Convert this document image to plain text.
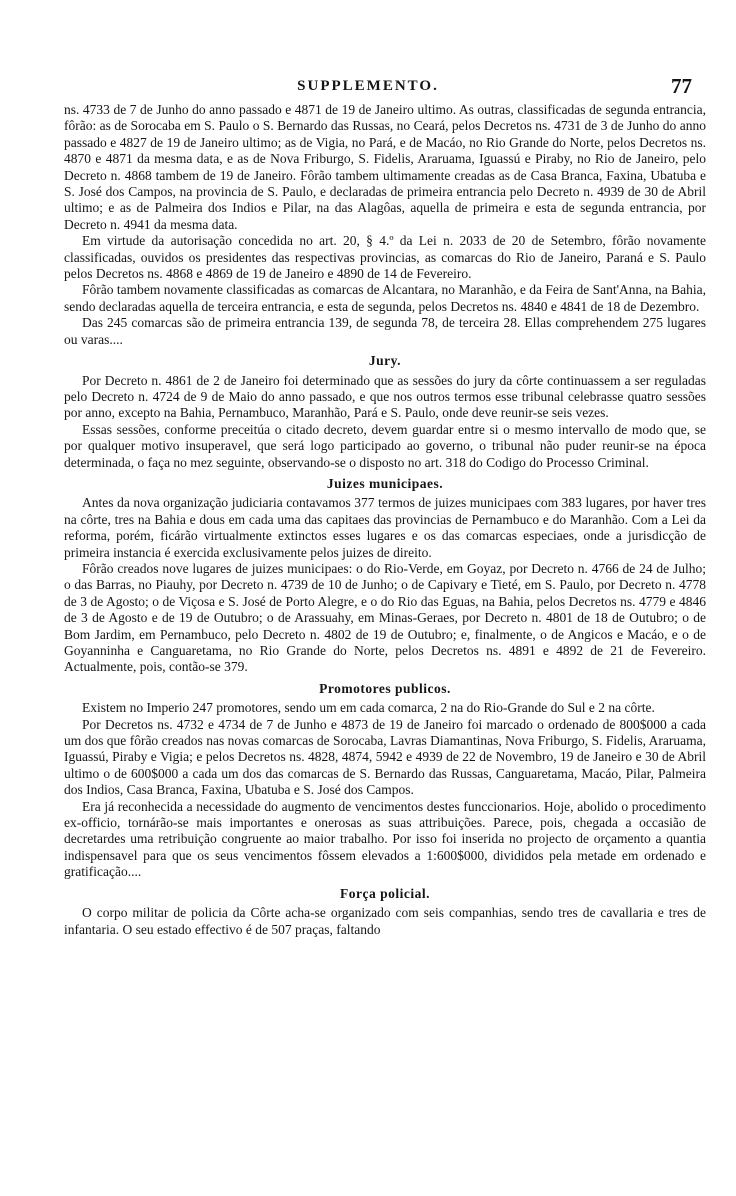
SUPPLEMENTO.	77

ns. 4733 de 7 de Junho do anno passado e 4871 de 19 de Janeiro ultimo. As outras, classificadas de segunda entrancia, fôrão: as de Sorocaba em S. Paulo o S. Bernardo das Russas, no Ceará, pelos Decretos ns. 4731 de 3 de Junho do anno passado e 4827 de 19 de Janeiro ultimo; as de Vigia, no Pará, e de Macáo, no Rio Grande do Norte, pelos Decretos ns. 4870 e 4871 da mesma data, e as de Nova Friburgo, S. Fidelis, Araruama, Iguassú e Piraby, no Rio de Janeiro, pelo Decreto n. 4868 tambem de 19 de Janeiro. Fôrão tambem ultimamente creadas as de Casa Branca, Faxina, Ubatuba e S. José dos Campos, na provincia de S. Paulo, e declaradas de primeira entrancia pelo Decreto n. 4939 de 30 de Abril ultimo; e as de Palmeira dos Indios e Pilar, na das Alagôas, aquella de primeira e esta de segunda entrancia, por Decreto n. 4941 da mesma data.

Em virtude da autorisação concedida no art. 20, § 4.º da Lei n. 2033 de 20 de Setembro, fôrão novamente classificadas, ouvidos os presidentes das respectivas provincias, as comarcas do Rio de Janeiro, Paraná e S. Paulo pelos Decretos ns. 4868 e 4869 de 19 de Janeiro e 4890 de 14 de Fevereiro.

Fôrão tambem novamente classificadas as comarcas de Alcantara, no Maranhão, e da Feira de Sant'Anna, na Bahia, sendo declaradas aquella de terceira entrancia, e esta de segunda, pelos Decretos ns. 4840 e 4841 de 18 de Dezembro.

Das 245 comarcas são de primeira entrancia 139, de segunda 78, de terceira 28. Ellas comprehendem 275 lugares ou varas....

Jury.

Por Decreto n. 4861 de 2 de Janeiro foi determinado que as sessões do jury da côrte continuassem a ser reguladas pelo Decreto n. 4724 de 9 de Maio do anno passado, e que nos outros termos esse tribunal celebrasse quatro sessões por anno, excepto na Bahia, Pernambuco, Maranhão, Pará e S. Paulo, onde deve reunir-se seis vezes.

Essas sessões, conforme preceitúa o citado decreto, devem guardar entre si o mesmo intervallo de modo que, se por qualquer motivo insuperavel, que será logo participado ao governo, o tribunal não puder reunir-se na época determinada, o faça no mez seguinte, observando-se o disposto no art. 318 do Codigo do Processo Criminal.

Juizes municipaes.

Antes da nova organização judiciaria contavamos 377 termos de juizes municipaes com 383 lugares, por haver tres na côrte, tres na Bahia e dous em cada uma das capitaes das provincias de Pernambuco e do Maranhão. Com a Lei da reforma, porém, ficárão virtualmente extinctos esses lugares e os das comarcas especiaes, onde a jurisdicção de primeira instancia é exercida exclusivamente pelos juizes de direito.

Fôrão creados nove lugares de juizes municipaes: o do Rio-Verde, em Goyaz, por Decreto n. 4766 de 24 de Julho; o das Barras, no Piauhy, por Decreto n. 4739 de 10 de Junho; o de Capivary e Tieté, em S. Paulo, por Decreto n. 4778 de 3 de Agosto; o de Viçosa e S. José de Porto Alegre, e o do Rio das Eguas, na Bahia, pelos Decretos ns. 4779 e 4846 de 3 de Agosto e de 19 de Outubro; o de Arassuahy, em Minas-Geraes, por Decreto n. 4801 de 18 de Outubro; o de Bom Jardim, em Pernambuco, pelo Decreto n. 4802 de 19 de Outubro; e, finalmente, o de Angicos e Macáo, e o de Goyanninha e Canguaretama, no Rio Grande do Norte, pelos Decretos ns. 4891 e 4892 de 21 de Fevereiro. Actualmente, pois, contão-se 379.

Promotores publicos.

Existem no Imperio 247 promotores, sendo um em cada comarca, 2 na do Rio-Grande do Sul e 2 na côrte.

Por Decretos ns. 4732 e 4734 de 7 de Junho e 4873 de 19 de Janeiro foi marcado o ordenado de 800$000 a cada um dos que fôrão creados nas novas comarcas de Sorocaba, Lavras Diamantinas, Nova Friburgo, S. Fidelis, Araruama, Iguassú, Piraby e Vigia; e pelos Decretos ns. 4828, 4874, 5942 e 4939 de 22 de Novembro, 19 de Janeiro e 30 de Abril ultimo o de 600$000 a cada um dos das comarcas de S. Bernardo das Russas, Canguaretama, Macáo, Pilar, Palmeira dos Indios, Casa Branca, Faxina, Ubatuba e S. José dos Campos.

Era já reconhecida a necessidade do augmento de vencimentos destes funccionarios. Hoje, abolido o procedimento ex-officio, tornárão-se mais importantes e onerosas as suas attribuições. Parece, pois, chegada a occasião de decretardes uma retribuição congruente ao maior trabalho. Por isso foi inserida no projecto de orçamento a quantia indispensavel para que os seus vencimentos fôssem elevados a 1:600$000, divididos pela metade em ordenado e gratificação....

Força policial.

O corpo militar de policia da Côrte acha-se organizado com seis companhias, sendo tres de cavallaria e tres de infantaria. O seu estado effectivo é de 507 praças, faltando
